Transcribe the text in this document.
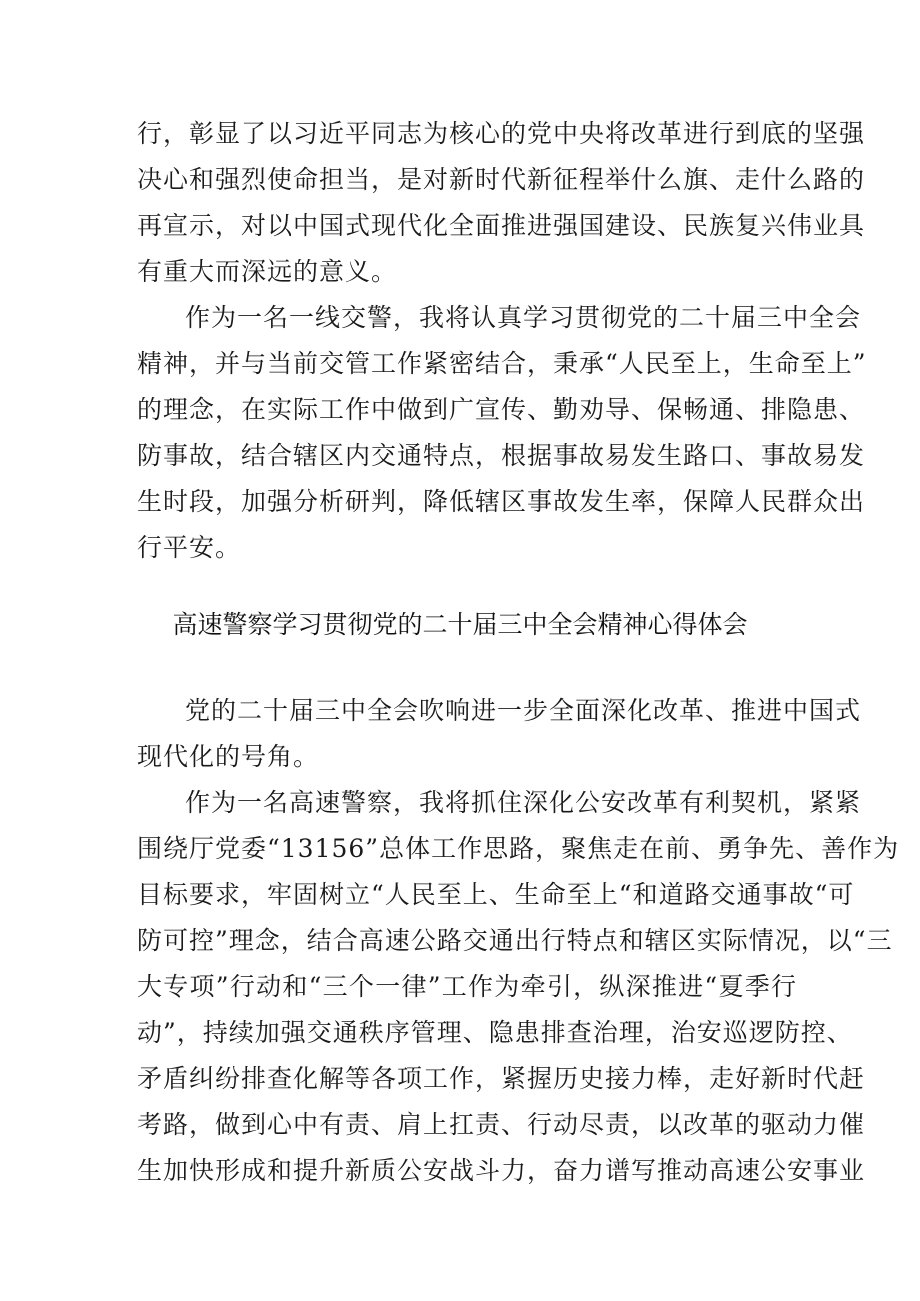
行，彰显了以习近平同志为核心的党中央将改革进行到底的坚强
决心和强烈使命担当，是对新时代新征程举什么旗、走什么路的
再宣示，对以中国式现代化全面推进强国建设、民族复兴伟业具
有重大而深远的意义。
作为一名一线交警，我将认真学习贯彻党的二十届三中全会
精神，并与当前交管工作紧密结合，秉承“人民至上，生命至上”
的理念，在实际工作中做到广宣传、勤劝导、保畅通、排隐患、
防事故，结合辖区内交通特点，根据事故易发生路口、事故易发
生时段，加强分析研判，降低辖区事故发生率，保障人民群众出
行平安。
高速警察学习贯彻党的二十届三中全会精神心得体会
党的二十届三中全会吹响进一步全面深化改革、推进中国式
现代化的号角。
作为一名高速警察，我将抓住深化公安改革有利契机，紧紧
围绕厅党委“13156”总体工作思路，聚焦走在前、勇争先、善作为
目标要求，牢固树立“人民至上、生命至上“和道路交通事故“可
防可控”理念，结合高速公路交通出行特点和辖区实际情况，以“三
大专项”行动和“三个一律”工作为牵引，纵深推进“夏季行
动”，持续加强交通秩序管理、隐患排查治理，治安巡逻防控、
矛盾纠纷排查化解等各项工作，紧握历史接力棒，走好新时代赶
考路，做到心中有责、肩上扛责、行动尽责，以改革的驱动力催
生加快形成和提升新质公安战斗力，奋力谱写推动高速公安事业
